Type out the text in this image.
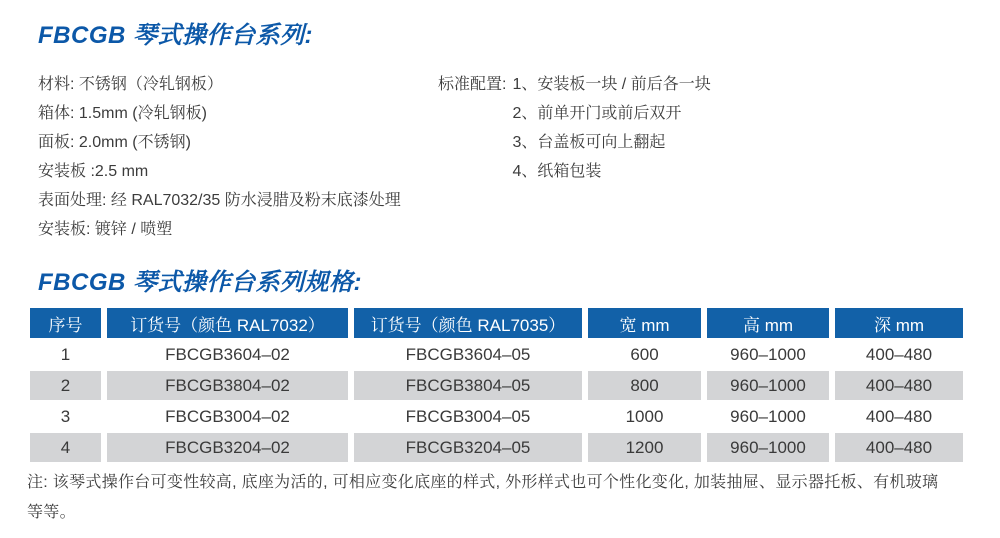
FBCGB 琴式操作台系列:
材料: 不锈钢（冷轧钢板）
箱体: 1.5mm (冷轧钢板)
面板: 2.0mm (不锈钢)
安装板 :2.5 mm
表面处理: 经 RAL7032/35 防水浸腊及粉末底漆处理
安装板: 镀锌 / 喷塑
标准配置: 1、安装板一块 / 前后各一块
2、前单开门或前后双开
3、台盖板可向上翻起
4、纸箱包装
FBCGB 琴式操作台系列规格:
序号	订货号（颜色 RAL7032）	订货号（颜色 RAL7035）	宽 mm	高 mm	深 mm
1	FBCGB3604–02	FBCGB3604–05	600	960–1000	400–480
2	FBCGB3804–02	FBCGB3804–05	800	960–1000	400–480
3	FBCGB3004–02	FBCGB3004–05	1000	960–1000	400–480
4	FBCGB3204–02	FBCGB3204–05	1200	960–1000	400–480
注: 该琴式操作台可变性较高, 底座为活的, 可相应变化底座的样式, 外形样式也可个性化变化, 加装抽屉、显示器托板、有机玻璃等等。
